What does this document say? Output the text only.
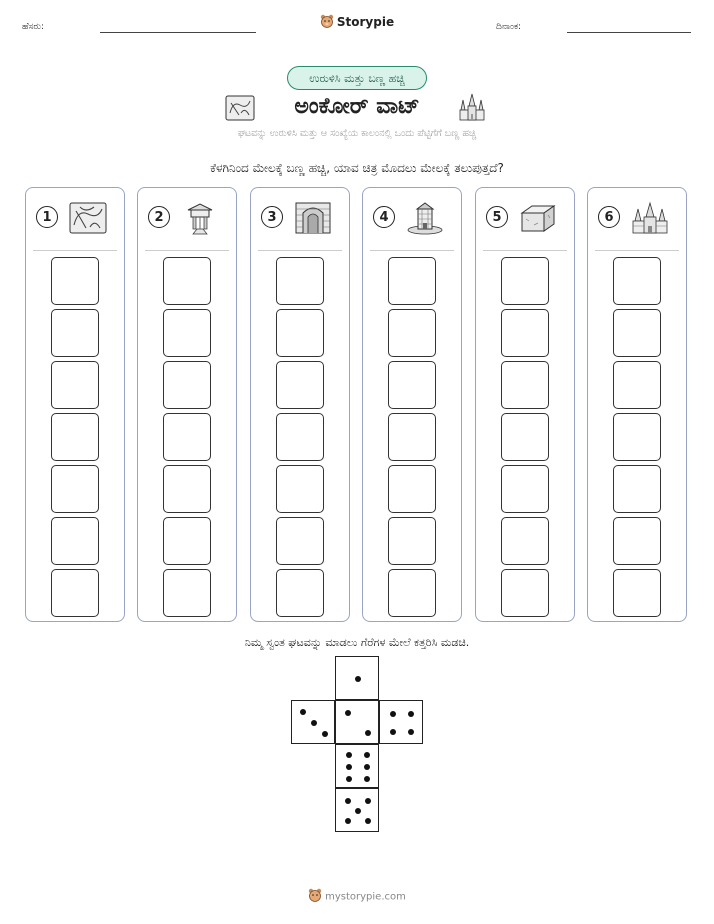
ಹೆಸರು:	Storypie	ದಿನಾಂಕ:
ಉರುಳಿಸಿ ಮತ್ತು ಬಣ್ಣ ಹಚ್ಚಿ
ಅಂಕೋರ್ ವಾಟ್
ಘಟವನ್ನು ಉರುಳಿಸಿ ಮತ್ತು ಆ ಸಂಖ್ಯೆಯ ಕಾಲಂನಲ್ಲಿ ಒಂದು ಪೆಟ್ಟಿಗೆಗೆ ಬಣ್ಣ ಹಚ್ಚಿ
ಕೆಳಗಿನಿಂದ ಮೇಲಕ್ಕೆ ಬಣ್ಣ ಹಚ್ಚಿ, ಯಾವ ಚಿತ್ರ ಮೊದಲು ಮೇಲಕ್ಕೆ ತಲುಪುತ್ತದೆ?
1	2	3	4	5	6
ನಿಮ್ಮ ಸ್ವಂತ ಘಟವನ್ನು ಮಾಡಲು ಗೆರೆಗಳ ಮೇಲೆ ಕತ್ತರಿಸಿ ಮಡಚಿ.
mystorypie.com
